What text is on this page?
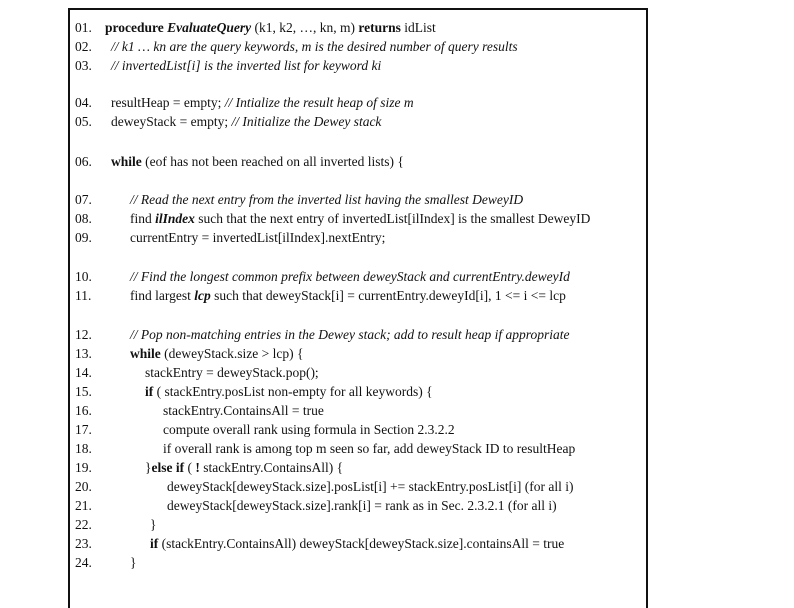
01. procedure EvaluateQuery (k1, k2, …, kn, m) returns idList
02. // k1 … kn are the query keywords, m is the desired number of query results
03. // invertedList[i] is the inverted list for keyword ki
04. resultHeap = empty; // Intialize the result heap of size m
05. deweyStack = empty; // Initialize the Dewey stack
06. while (eof has not been reached on all inverted lists) {
07.	// Read the next entry from the inverted list having the smallest DeweyID
08.	find ilIndex such that the next entry of invertedList[ilIndex] is the smallest DeweyID
09.	currentEntry = invertedList[ilIndex].nextEntry;
10.	// Find the longest common prefix between deweyStack and currentEntry.deweyId
11.	find largest lcp such that deweyStack[i] = currentEntry.deweyId[i], 1 <= i <= lcp
12.	// Pop non-matching entries in the Dewey stack; add to result heap if appropriate
13.	while (deweyStack.size > lcp) {
14.	stackEntry = deweyStack.pop();
15.	if ( stackEntry.posList non-empty for all keywords) {
16.	stackEntry.ContainsAll = true
17.	compute overall rank using formula in Section 2.3.2.2
18.	if overall rank is among top m seen so far, add deweyStack ID to resultHeap
19.	}else if ( ! stackEntry.ContainsAll) {
20.	deweyStack[deweyStack.size].posList[i] += stackEntry.posList[i] (for all i)
21.	deweyStack[deweyStack.size].rank[i] = rank as in Sec. 2.3.2.1 (for all i)
22.	}
23.	if (stackEntry.ContainsAll) deweyStack[deweyStack.size].containsAll = true
24.	}
